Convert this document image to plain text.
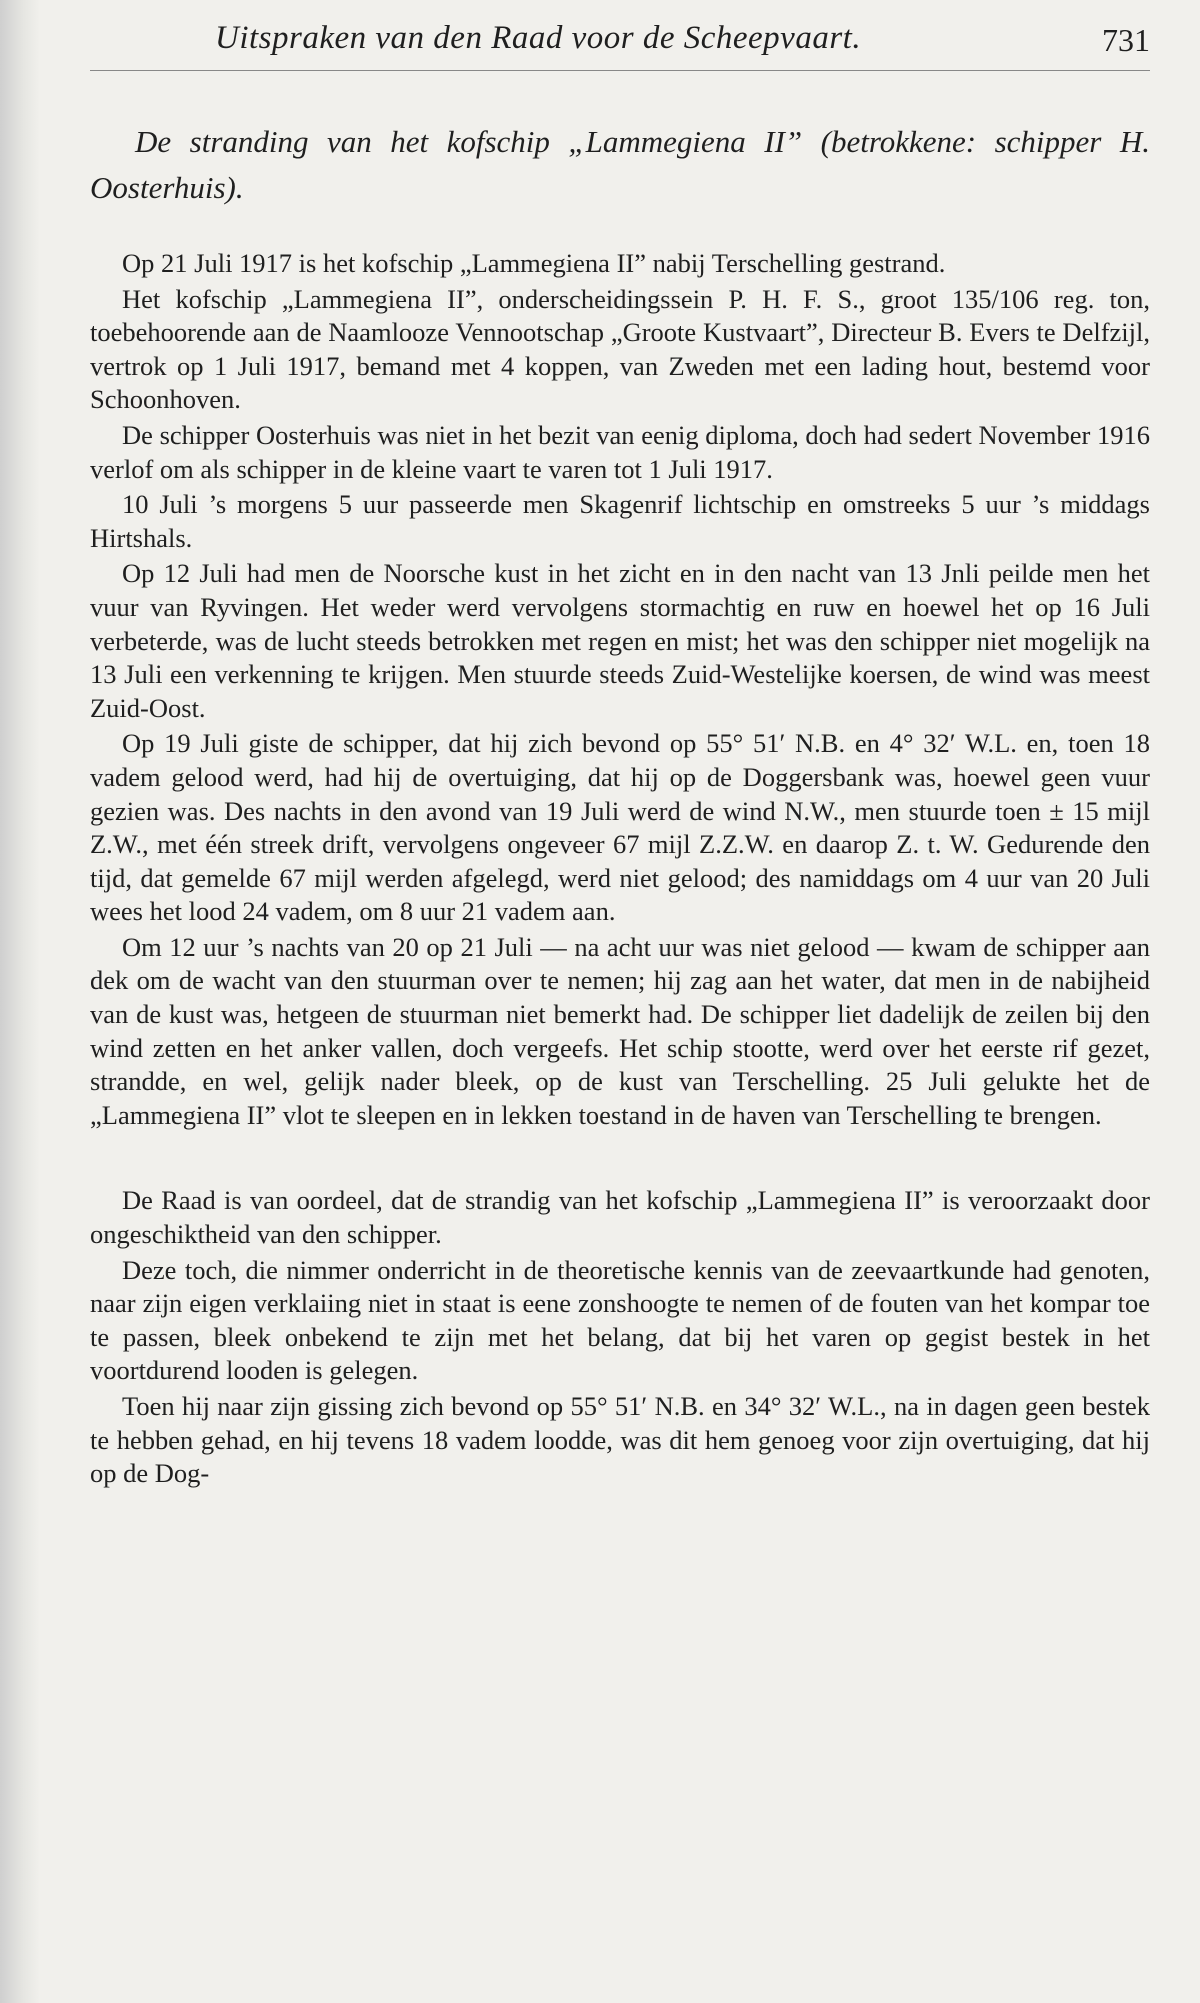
Uitspraken van den Raad voor de Scheepvaart.	731
De stranding van het kofschip „Lammegiena II” (betrokkene: schipper H. Oosterhuis).

Op 21 Juli 1917 is het kofschip „Lammegiena II” nabij Terschelling gestrand.

Het kofschip „Lammegiena II”, onderscheidingssein P. H. F. S., groot 135/106 reg. ton, toebehoorende aan de Naamlooze Vennootschap „Groote Kustvaart”, Directeur B. Evers te Delfzijl, vertrok op 1 Juli 1917, bemand met 4 koppen, van Zweden met een lading hout, bestemd voor Schoonhoven.

De schipper Oosterhuis was niet in het bezit van eenig diploma, doch had sedert November 1916 verlof om als schipper in de kleine vaart te varen tot 1 Juli 1917.

10 Juli ’s morgens 5 uur passeerde men Skagenrif lichtschip en omstreeks 5 uur ’s middags Hirtshals.

Op 12 Juli had men de Noorsche kust in het zicht en in den nacht van 13 Jnli peilde men het vuur van Ryvingen. Het weder werd vervolgens stormachtig en ruw en hoewel het op 16 Juli verbeterde, was de lucht steeds betrokken met regen en mist; het was den schipper niet mogelijk na 13 Juli een verkenning te krijgen. Men stuurde steeds Zuid-Westelijke koersen, de wind was meest Zuid-Oost.

Op 19 Juli giste de schipper, dat hij zich bevond op 55° 51′ N.B. en 4° 32′ W.L. en, toen 18 vadem gelood werd, had hij de overtuiging, dat hij op de Doggersbank was, hoewel geen vuur gezien was. Des nachts in den avond van 19 Juli werd de wind N.W., men stuurde toen ± 15 mijl Z.W., met één streek drift, vervolgens ongeveer 67 mijl Z.Z.W. en daarop Z. t. W. Gedurende den tijd, dat gemelde 67 mijl werden afgelegd, werd niet gelood; des namiddags om 4 uur van 20 Juli wees het lood 24 vadem, om 8 uur 21 vadem aan.

Om 12 uur ’s nachts van 20 op 21 Juli — na acht uur was niet gelood — kwam de schipper aan dek om de wacht van den stuurman over te nemen; hij zag aan het water, dat men in de nabijheid van de kust was, hetgeen de stuurman niet bemerkt had. De schipper liet dadelijk de zeilen bij den wind zetten en het anker vallen, doch vergeefs. Het schip stootte, werd over het eerste rif gezet, strandde, en wel, gelijk nader bleek, op de kust van Terschelling. 25 Juli gelukte het de „Lammegiena II” vlot te sleepen en in lekken toestand in de haven van Terschelling te brengen.

De Raad is van oordeel, dat de strandig van het kofschip „Lammegiena II” is veroorzaakt door ongeschiktheid van den schipper.

Deze toch, die nimmer onderricht in de theoretische kennis van de zeevaartkunde had genoten, naar zijn eigen verklaiing niet in staat is eene zonshoogte te nemen of de fouten van het kompar toe te passen, bleek onbekend te zijn met het belang, dat bij het varen op gegist bestek in het voortdurend looden is gelegen.

Toen hij naar zijn gissing zich bevond op 55° 51′ N.B. en 34° 32′ W.L., na in dagen geen bestek te hebben gehad, en hij tevens 18 vadem loodde, was dit hem genoeg voor zijn overtuiging, dat hij op de Dog-
